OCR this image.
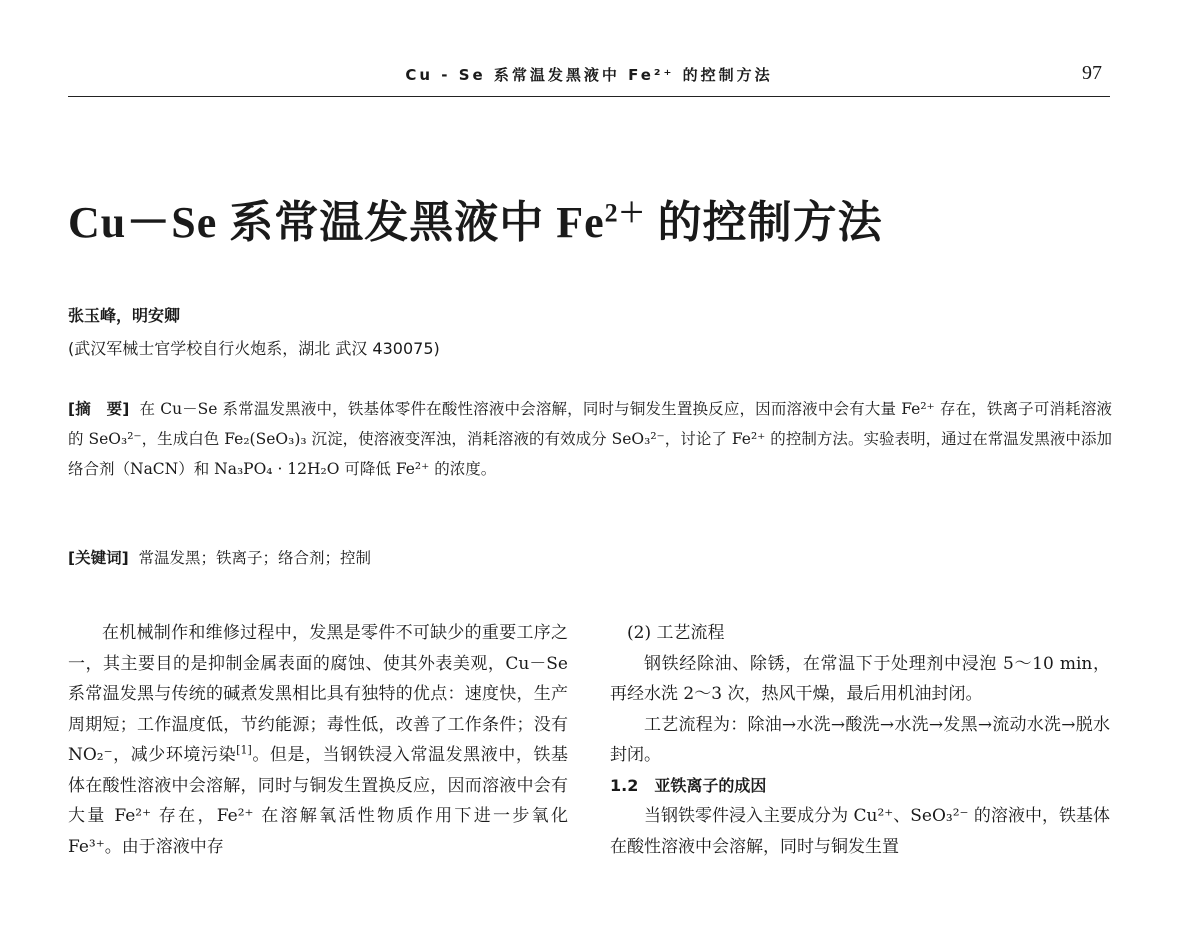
Cu - Se 系常温发黑液中 Fe²⁺ 的控制方法	97
Cu－Se 系常温发黑液中 $Fe^{2+}$ 的控制方法
张玉峰，明安卿
(武汉军械士官学校自行火炮系，湖北 武汉 430075)
[摘　要] 在 Cu－Se 系常温发黑液中，铁基体零件在酸性溶液中会溶解，同时与铜发生置换反应，因而溶液中会有大量 Fe²⁺ 存在，铁离子可消耗溶液的 SeO₃²⁻，生成白色 Fe₂(SeO₃)₃ 沉淀，使溶液变浑浊，消耗溶液的有效成分 SeO₃²⁻，讨论了 Fe²⁺ 的控制方法。实验表明，通过在常温发黑液中添加络合剂（NaCN）和 Na₃PO₄ · 12H₂O 可降低 Fe²⁺ 的浓度。
[关键词] 常温发黑；铁离子；络合剂；控制

在机械制作和维修过程中，发黑是零件不可缺少的重要工序之一，其主要目的是抑制金属表面的腐蚀、使其外表美观，Cu－Se 系常温发黑与传统的碱煮发黑相比具有独特的优点：速度快，生产周期短；工作温度低，节约能源；毒性低，改善了工作条件；没有 NO₂⁻，减少环境污染[1]。但是，当钢铁浸入常温发黑液中，铁基体在酸性溶液中会溶解，同时与铜发生置换反应，因而溶液中会有大量 Fe²⁺ 存在，Fe²⁺ 在溶解氧活性物质作用下进一步氧化 Fe³⁺。由于溶液中存

(2) 工艺流程

钢铁经除油、除锈，在常温下于处理剂中浸泡 5～10 min，再经水洗 2～3 次，热风干燥，最后用机油封闭。

工艺流程为：除油→水洗→酸洗→水洗→发黑→流动水洗→脱水封闭。

1.2　亚铁离子的成因

当钢铁零件浸入主要成分为 Cu²⁺、SeO₃²⁻ 的溶液中，铁基体在酸性溶液中会溶解，同时与铜发生置
